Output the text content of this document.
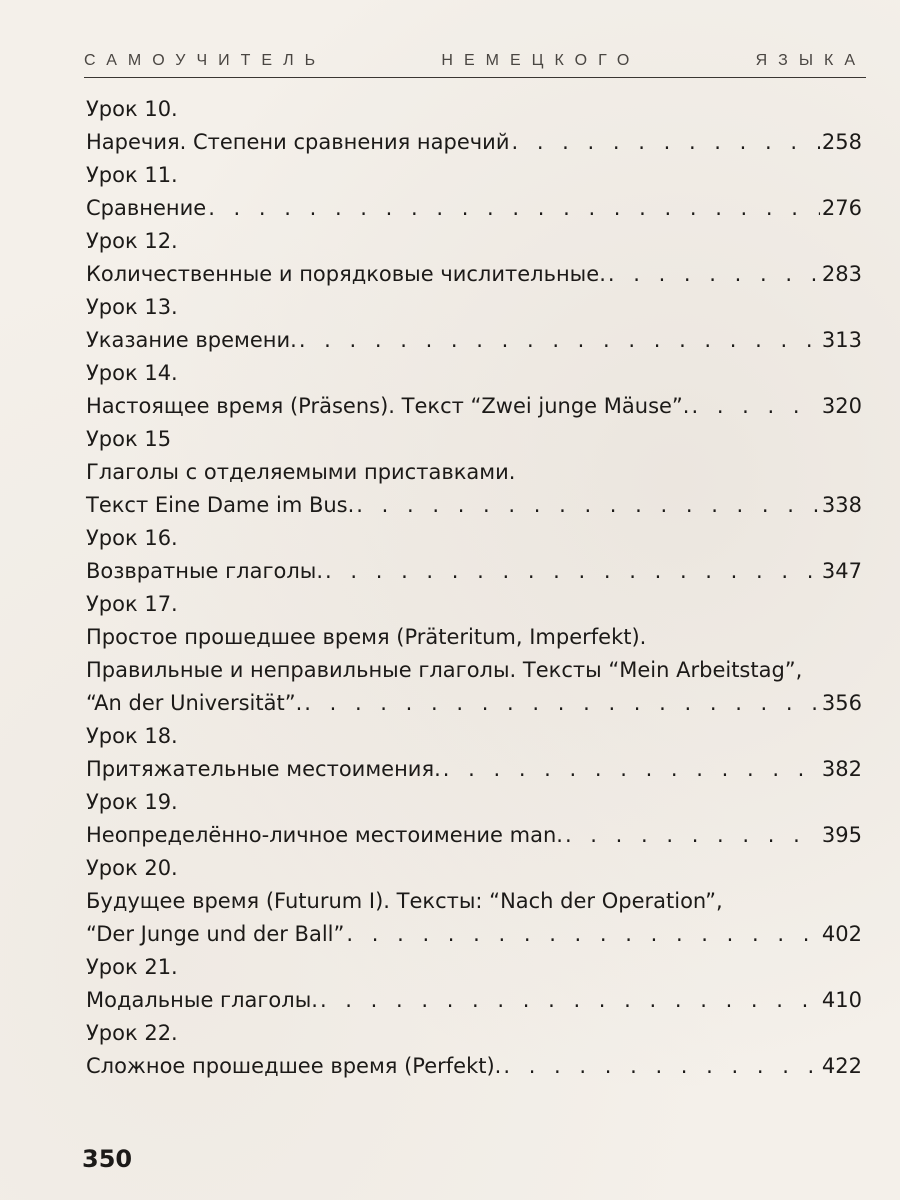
САМОУЧИТЕЛЬ	НЕМЕЦКОГО	ЯЗЫКА
Урок 10.
Наречия. Степени сравнения наречий . . .	258
Урок 11.
Сравнение . . .	276
Урок 12.
Количественные и порядковые числительные. . . .	283
Урок 13.
Указание времени. . . .	313
Урок 14.
Настоящее время (Präsens). Текст “Zwei junge Mäuse”. . . .	320
Урок 15
Глаголы с отделяемыми приставками.
Текст Eine Dame im Bus. . . .	338
Урок 16.
Возвратные глаголы. . . .	347
Урок 17.
Простое прошедшее время (Präteritum, Imperfekt).
Правильные и неправильные глаголы. Тексты “Mein Arbeitstag”,
“An der Universität”. . . .	356
Урок 18.
Притяжательные местоимения. . . .	382
Урок 19.
Неопределённо-личное местоимение man. . . .	395
Урок 20.
Будущее время (Futurum I). Тексты: “Nach der Operation”,
“Der Junge und der Ball” . . .	402
Урок 21.
Модальные глаголы. . . .	410
Урок 22.
Сложное прошедшее время (Perfekt). . . .	422
350
